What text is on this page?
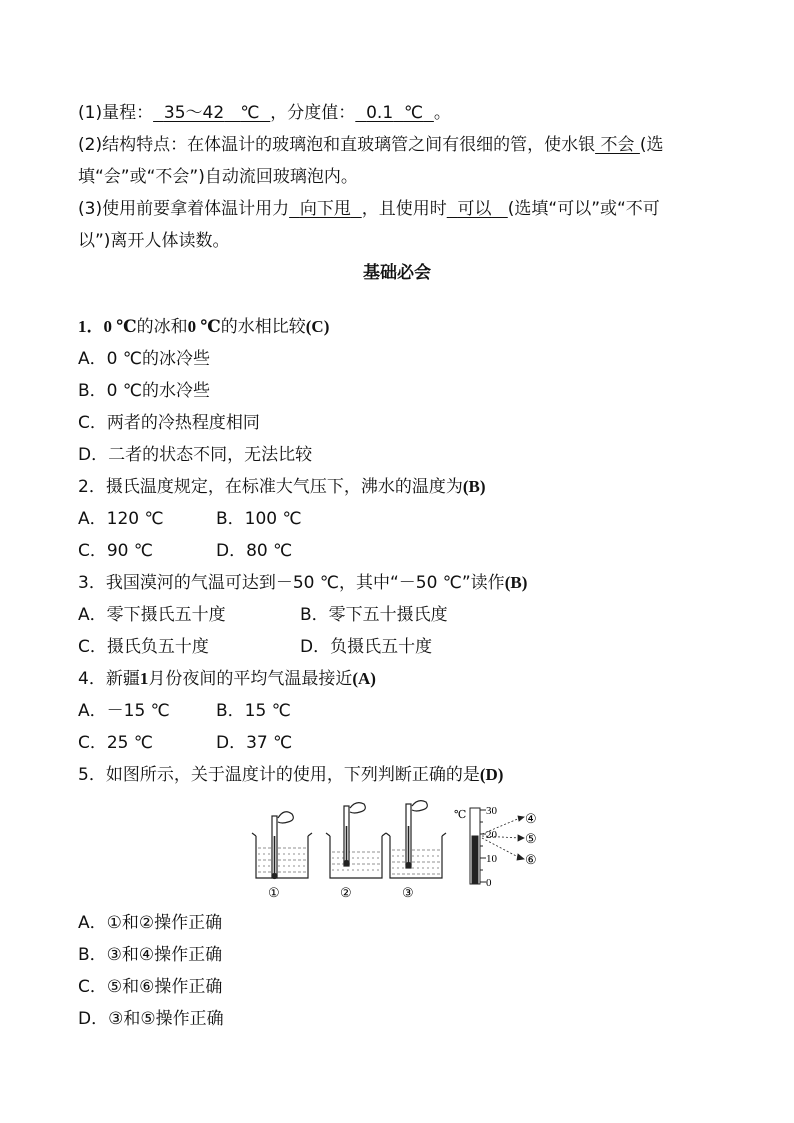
(1)量程： 35～42 ℃ ，分度值： 0.1 ℃ 。
(2)结构特点：在体温计的玻璃泡和直玻璃管之间有很细的管，使水银 不会 (选
填“会”或“不会”)自动流回玻璃泡内。
(3)使用前要拿着体温计用力 向下甩 ，且使用时 可以 (选填“可以”或“不可
以”)离开人体读数。
基础必会
1．0 ℃的冰和0 ℃的水相比较(C)
A．0 ℃的冰冷些
B．0 ℃的水冷些
C．两者的冷热程度相同
D．二者的状态不同，无法比较
2．摄氏温度规定，在标准大气压下，沸水的温度为(B)
A．120 ℃	B．100 ℃
C．90 ℃	D．80 ℃
3．我国漠河的气温可达到－50 ℃，其中“－50 ℃”读作(B)
A．零下摄氏五十度	B．零下五十摄氏度
C．摄氏负五十度	D．负摄氏五十度
4．新疆1月份夜间的平均气温最接近(A)
A．－15 ℃	B．15 ℃
C．25 ℃	D．37 ℃
5．如图所示，关于温度计的使用，下列判断正确的是(D)
℃ 30
20
10
0
④
⑤
⑥
①	②	③
A．①和②操作正确
B．③和④操作正确
C．⑤和⑥操作正确
D．③和⑤操作正确
